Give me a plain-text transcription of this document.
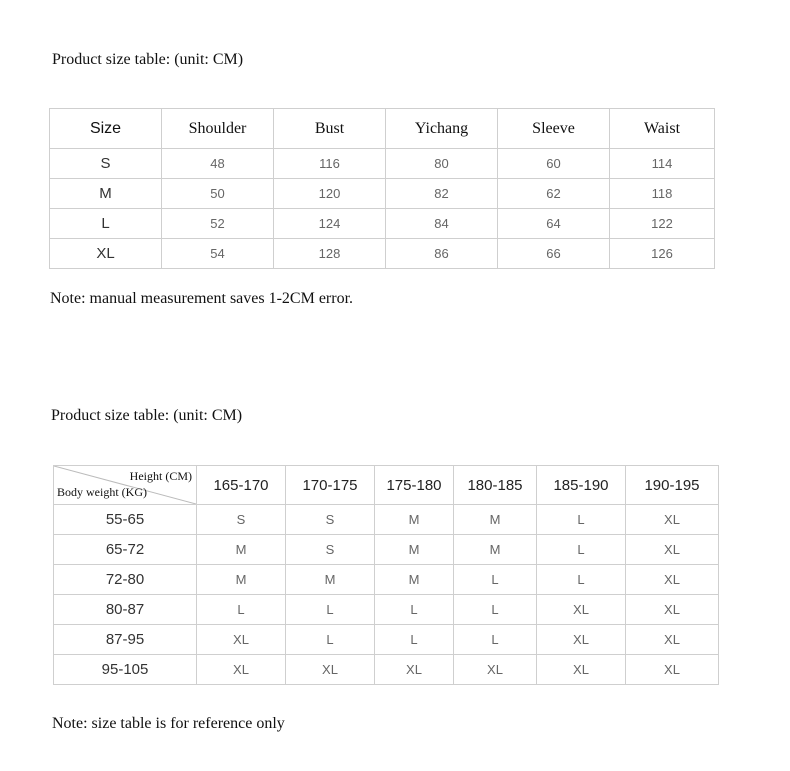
Product size table: (unit: CM)
Size	Shoulder	Bust	Yichang	Sleeve	Waist
S	48	116	80	60	114
M	50	120	82	62	118
L	52	124	84	64	122
XL	54	128	86	66	126
Note: manual measurement saves 1-2CM error.
Product size table: (unit: CM)
Height (CM)
Body weight (KG)	165-170	170-175	175-180	180-185	185-190	190-195
55-65	S	S	M	M	L	XL
65-72	M	S	M	M	L	XL
72-80	M	M	M	L	L	XL
80-87	L	L	L	L	XL	XL
87-95	XL	L	L	L	XL	XL
95-105	XL	XL	XL	XL	XL	XL
Note: size table is for reference only
